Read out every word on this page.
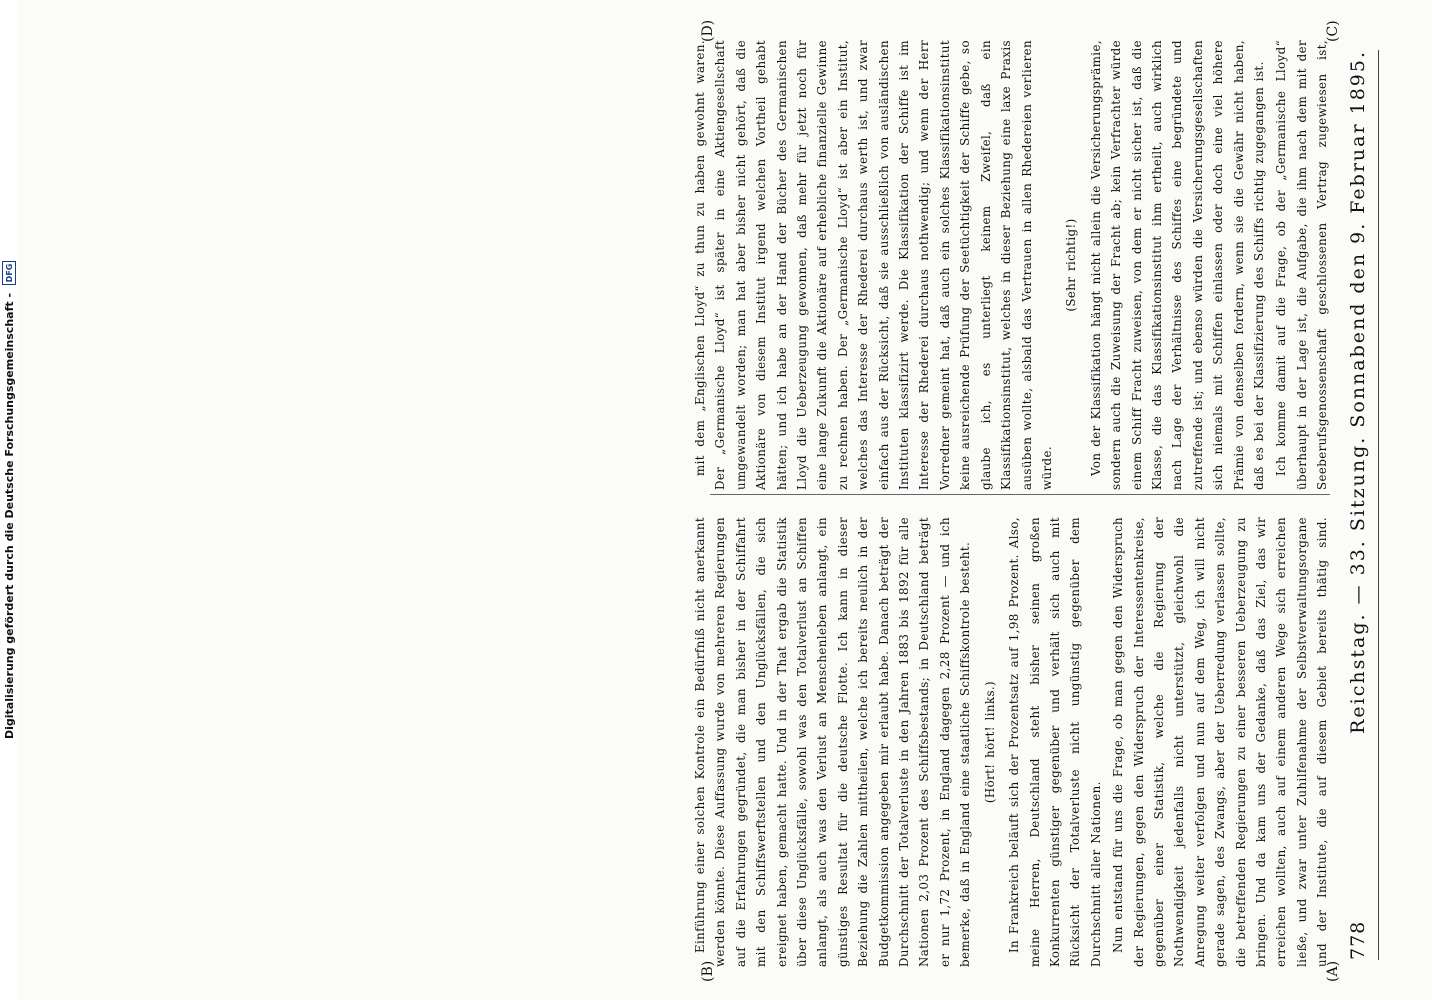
778
Reichstag. — 33. Sitzung. Sonnabend den 9. Februar 1895.
(A)
(B)
(C)
(D)

Einführung einer solchen Kontrole ein Bedürfniß nicht anerkannt werden könnte. Diese Auffassung wurde von mehreren Regierungen auf die Erfahrungen gegründet, die man bisher in der Schiffahrt mit den Schiffswerftstellen und den Unglücksfällen, die sich ereignet haben, gemacht hatte. Und in der That ergab die Statistik über diese Unglücksfälle, sowohl was den Totalverlust an Schiffen anlangt, als auch was den Verlust an Menschenleben anlangt, ein günstiges Resultat für die deutsche Flotte. Ich kann in dieser Beziehung die Zahlen mittheilen, welche ich bereits neulich in der Budgetkommission angegeben mir erlaubt habe. Danach beträgt der Durchschnitt der Totalverluste in den Jahren 1883 bis 1892 für alle Nationen 2,03 Prozent des Schiffsbestands; in Deutschland beträgt er nur 1,72 Prozent, in England dagegen 2,28 Prozent — und ich bemerke, daß in England eine staatliche Schiffskontrole besteht. (Hört! hört! links.) In Frankreich beläuft sich der Prozentsatz auf 1,98 Prozent. Also, meine Herren, Deutschland steht bisher seinen großen Konkurrenten günstiger gegenüber und verhält sich auch mit Rücksicht der Totalverluste nicht ungünstig gegenüber dem Durchschnitt aller Nationen. Nun entstand für uns die Frage, ob man gegen den Widerspruch der Regierungen, gegen den Widerspruch der Interessentenkreise, gegenüber einer Statistik, welche die Regierung der Nothwendigkeit jedenfalls nicht unterstützt, gleichwohl die Anregung weiter verfolgen und nun auf dem Weg, ich will nicht gerade sagen, des Zwangs, aber der Ueberredung verlassen sollte, die betreffenden Regierungen zu einer besseren Ueberzeugung zu bringen. Und da kam uns der Gedanke, daß das Ziel, das wir erreichen wollten, auch auf einem anderen Wege sich erreichen ließe, und zwar unter Zuhilfenahme der Selbstverwaltungsorgane und der Institute, die auf diesem Gebiet bereits thätig sind.

mit dem „Englischen Lloyd“ zu thun zu haben gewohnt waren. Der „Germanische Lloyd“ ist später in eine Aktiengesellschaft umgewandelt worden; man hat aber bisher nicht gehört, daß die Aktionäre von diesem Institut irgend welchen Vortheil gehabt hätten; und ich habe an der Hand der Bücher des Germanischen Lloyd die Ueberzeugung gewonnen, daß mehr für jetzt noch für eine lange Zukunft die Aktionäre auf erhebliche finanzielle Gewinne zu rechnen haben. Der „Germanische Lloyd“ ist aber ein Institut, welches das Interesse der Rhederei durchaus werth ist, und zwar einfach aus der Rücksicht, daß sie ausschließlich von ausländischen Instituten klassifizirt werde. Die Klassifikation der Schiffe ist im Interesse der Rhederei durchaus nothwendig; und wenn der Herr Vorredner gemeint hat, daß auch ein solches Klassifikationsinstitut keine ausreichende Prüfung der Seetüchtigkeit der Schiffe gebe, so glaube ich, es unterliegt keinem Zweifel, daß ein Klassifikationsinstitut, welches in dieser Beziehung eine laxe Praxis ausüben wollte, alsbald das Vertrauen in allen Rhedereien verlieren würde.

(Sehr richtig!) Von der Klassifikation hängt nicht allein die Versicherungsprämie, sondern auch die Zuweisung der Fracht ab; kein Verfrachter würde einem Schiff Fracht zuweisen, von dem er nicht sicher ist, daß die Klasse, die das Klassifikationsinstitut ihm ertheilt, auch wirklich nach Lage der Verhältnisse des Schiffes eine begründete und zutreffende ist; und ebenso würden die Versicherungsgesellschaften sich niemals mit Schiffen einlassen oder doch eine viel höhere Prämie von denselben fordern, wenn sie die Gewähr nicht haben, daß es bei der Klassifizierung des Schiffs richtig zugegangen ist. Ich komme damit auf die Frage, ob der „Germanische Lloyd“ überhaupt in der Lage ist, die Aufgabe, die ihm nach dem mit der Seeberufsgenossenschaft geschlossenen Vertrag zugewiesen ist,

Digitalisierung gefördert durch die Deutsche Forschungsgemeinschaft -
DFG
